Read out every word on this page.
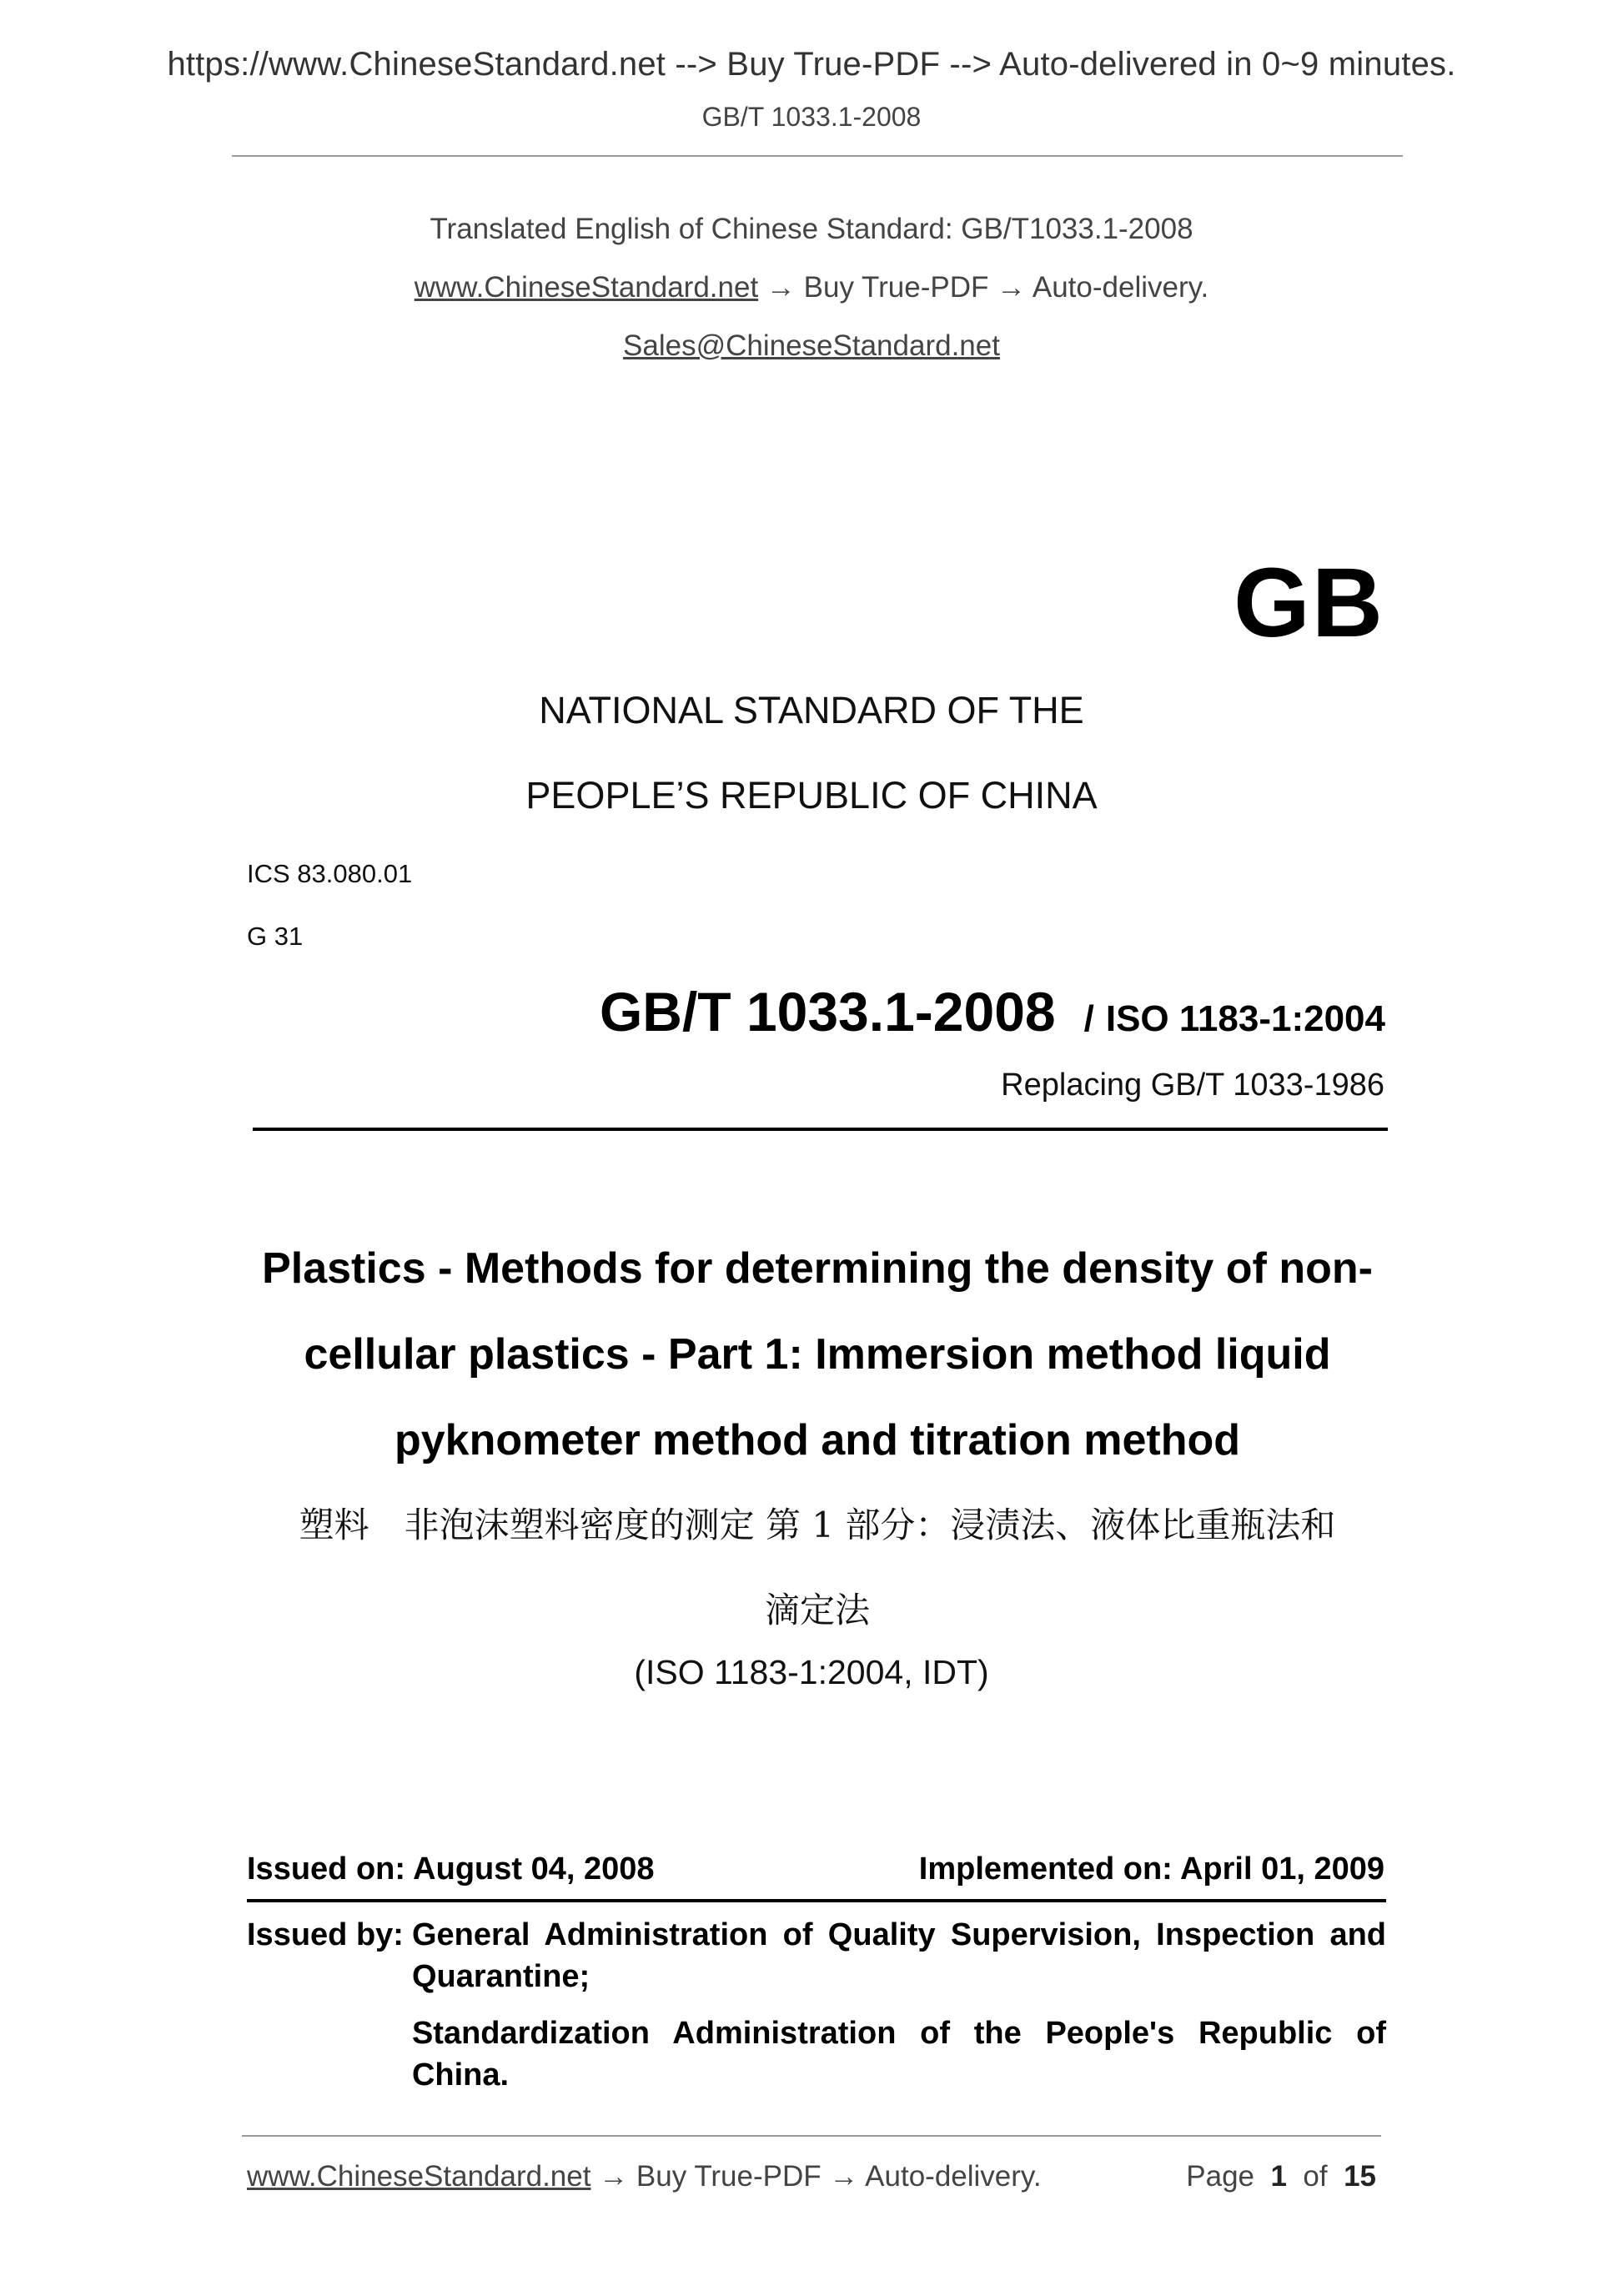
https://www.ChineseStandard.net --> Buy True-PDF --> Auto-delivered in 0~9 minutes.
GB/T 1033.1-2008
Translated English of Chinese Standard: GB/T1033.1-2008
www.ChineseStandard.net → Buy True-PDF → Auto-delivery.
Sales@ChineseStandard.net
GB
NATIONAL STANDARD OF THE
PEOPLE’S REPUBLIC OF CHINA
ICS 83.080.01
G 31
GB/T 1033.1-2008 / ISO 1183-1:2004
Replacing GB/T 1033-1986
Plastics - Methods for determining the density of non-
cellular plastics - Part 1: Immersion method liquid
pyknometer method and titration method
塑料　非泡沫塑料密度的测定 第 1 部分：浸渍法、液体比重瓶法和
滴定法
(ISO 1183-1:2004, IDT)
Issued on: August 04, 2008	Implemented on: April 01, 2009
Issued by: General Administration of Quality Supervision, Inspection and Quarantine;

Standardization Administration of the People's Republic of China.

www.ChineseStandard.net → Buy True-PDF → Auto-delivery.	Page 1 of 15
